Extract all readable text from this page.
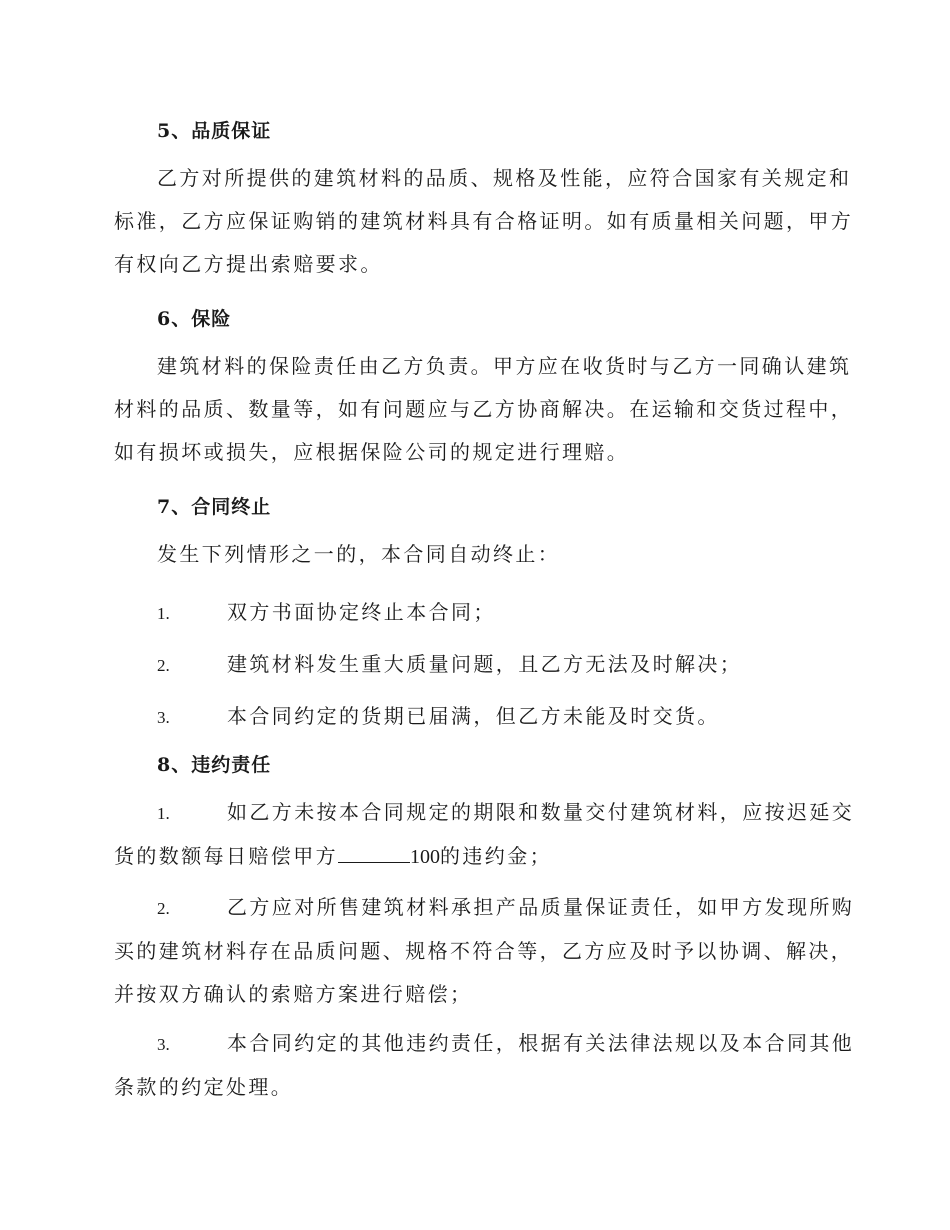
5、品质保证
乙方对所提供的建筑材料的品质、规格及性能，应符合国家有关规定和
标准，乙方应保证购销的建筑材料具有合格证明。如有质量相关问题，甲方
有权向乙方提出索赔要求。
6、保险
建筑材料的保险责任由乙方负责。甲方应在收货时与乙方一同确认建筑
材料的品质、数量等，如有问题应与乙方协商解决。在运输和交货过程中，
如有损坏或损失，应根据保险公司的规定进行理赔。
7、合同终止
发生下列情形之一的，本合同自动终止：
1.	双方书面协定终止本合同；
2.	建筑材料发生重大质量问题，且乙方无法及时解决；
3.	本合同约定的货期已届满，但乙方未能及时交货。
8、违约责任
1.	如乙方未按本合同规定的期限和数量交付建筑材料，应按迟延交
货的数额每日赔偿甲方	100的违约金；
2.	乙方应对所售建筑材料承担产品质量保证责任，如甲方发现所购
买的建筑材料存在品质问题、规格不符合等，乙方应及时予以协调、解决，
并按双方确认的索赔方案进行赔偿；
3.	本合同约定的其他违约责任，根据有关法律法规以及本合同其他
条款的约定处理。
